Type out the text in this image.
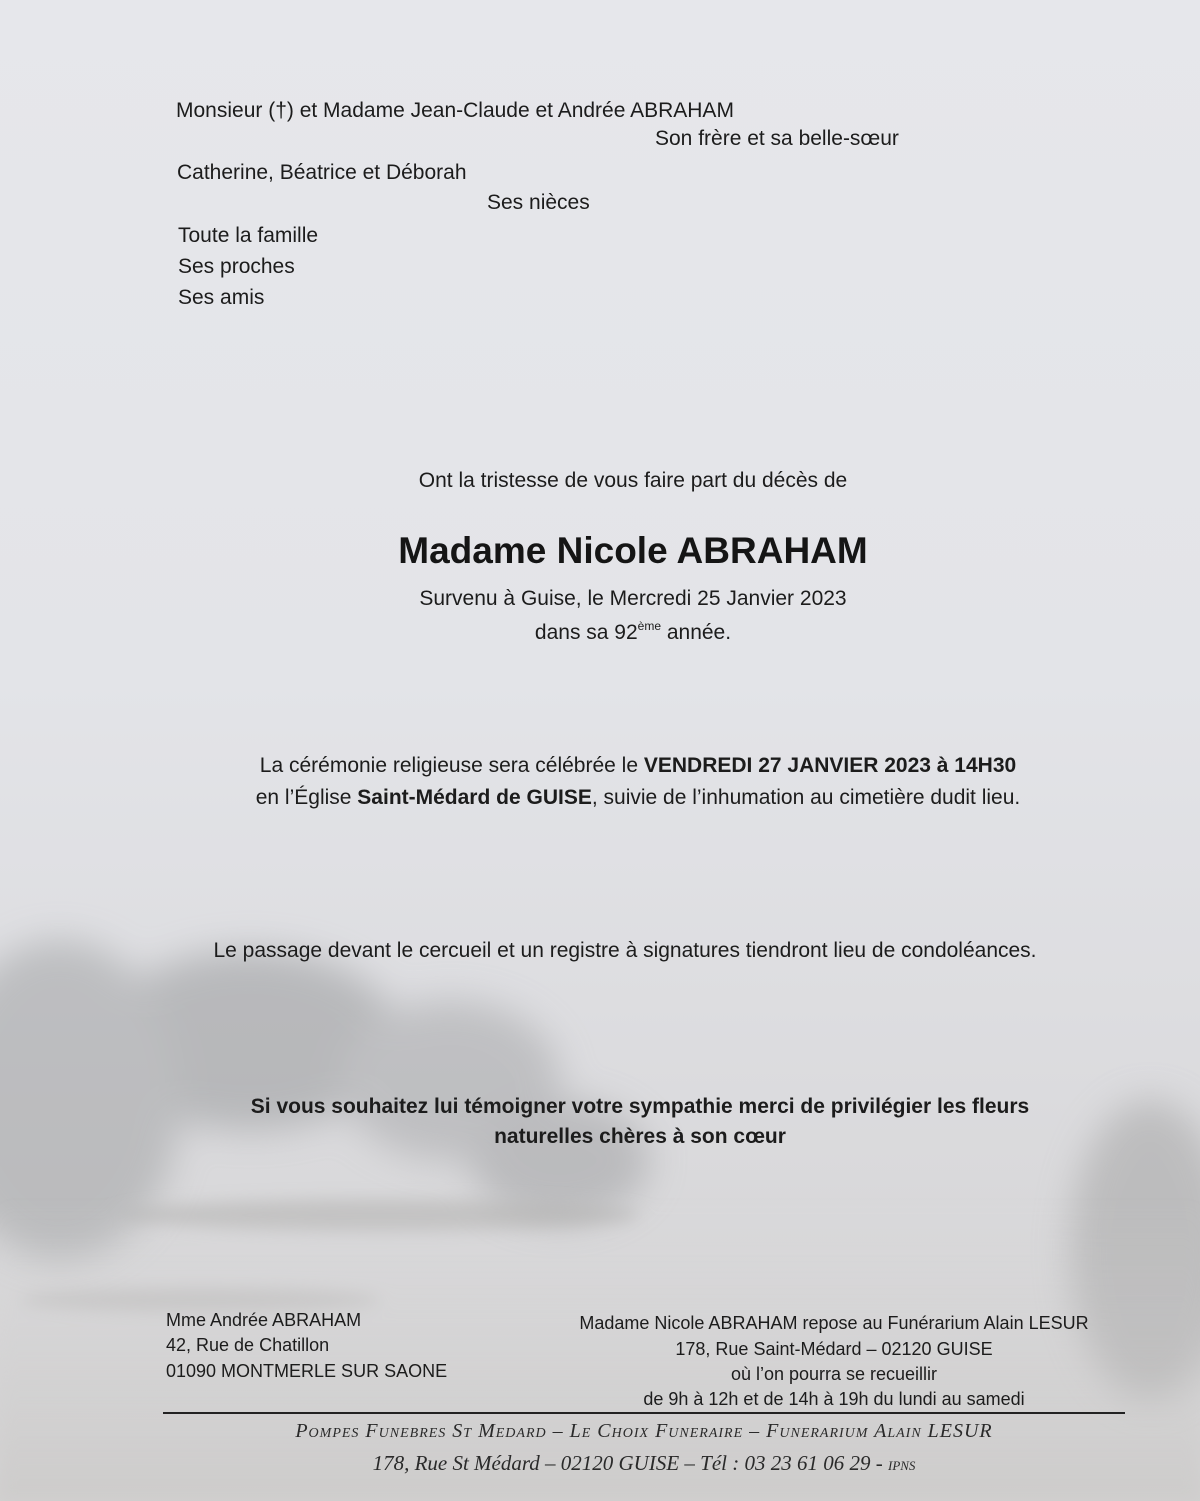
Monsieur (†) et Madame Jean-Claude et Andrée ABRAHAM
Son frère et sa belle-sœur
Catherine, Béatrice et Déborah
Ses nièces
Toute la famille
Ses proches
Ses amis
Ont la tristesse de vous faire part du décès de
Madame Nicole ABRAHAM
Survenu à Guise, le Mercredi 25 Janvier 2023
dans sa 92ème année.
La cérémonie religieuse sera célébrée le VENDREDI 27 JANVIER 2023 à 14H30
en l’Église Saint-Médard de GUISE, suivie de l’inhumation au cimetière dudit lieu.
Le passage devant le cercueil et un registre à signatures tiendront lieu de condoléances.
Si vous souhaitez lui témoigner votre sympathie merci de privilégier les fleurs
naturelles chères à son cœur
Mme Andrée ABRAHAM
42, Rue de Chatillon
01090 MONTMERLE SUR SAONE
Madame Nicole ABRAHAM repose au Funérarium Alain LESUR
178, Rue Saint-Médard – 02120 GUISE
où l’on pourra se recueillir
de 9h à 12h et de 14h à 19h du lundi au samedi
Pompes Funebres St Medard – Le Choix Funeraire – Funerarium Alain LESUR
178, Rue St Médard – 02120 GUISE – Tél : 03 23 61 06 29 - IPNS
